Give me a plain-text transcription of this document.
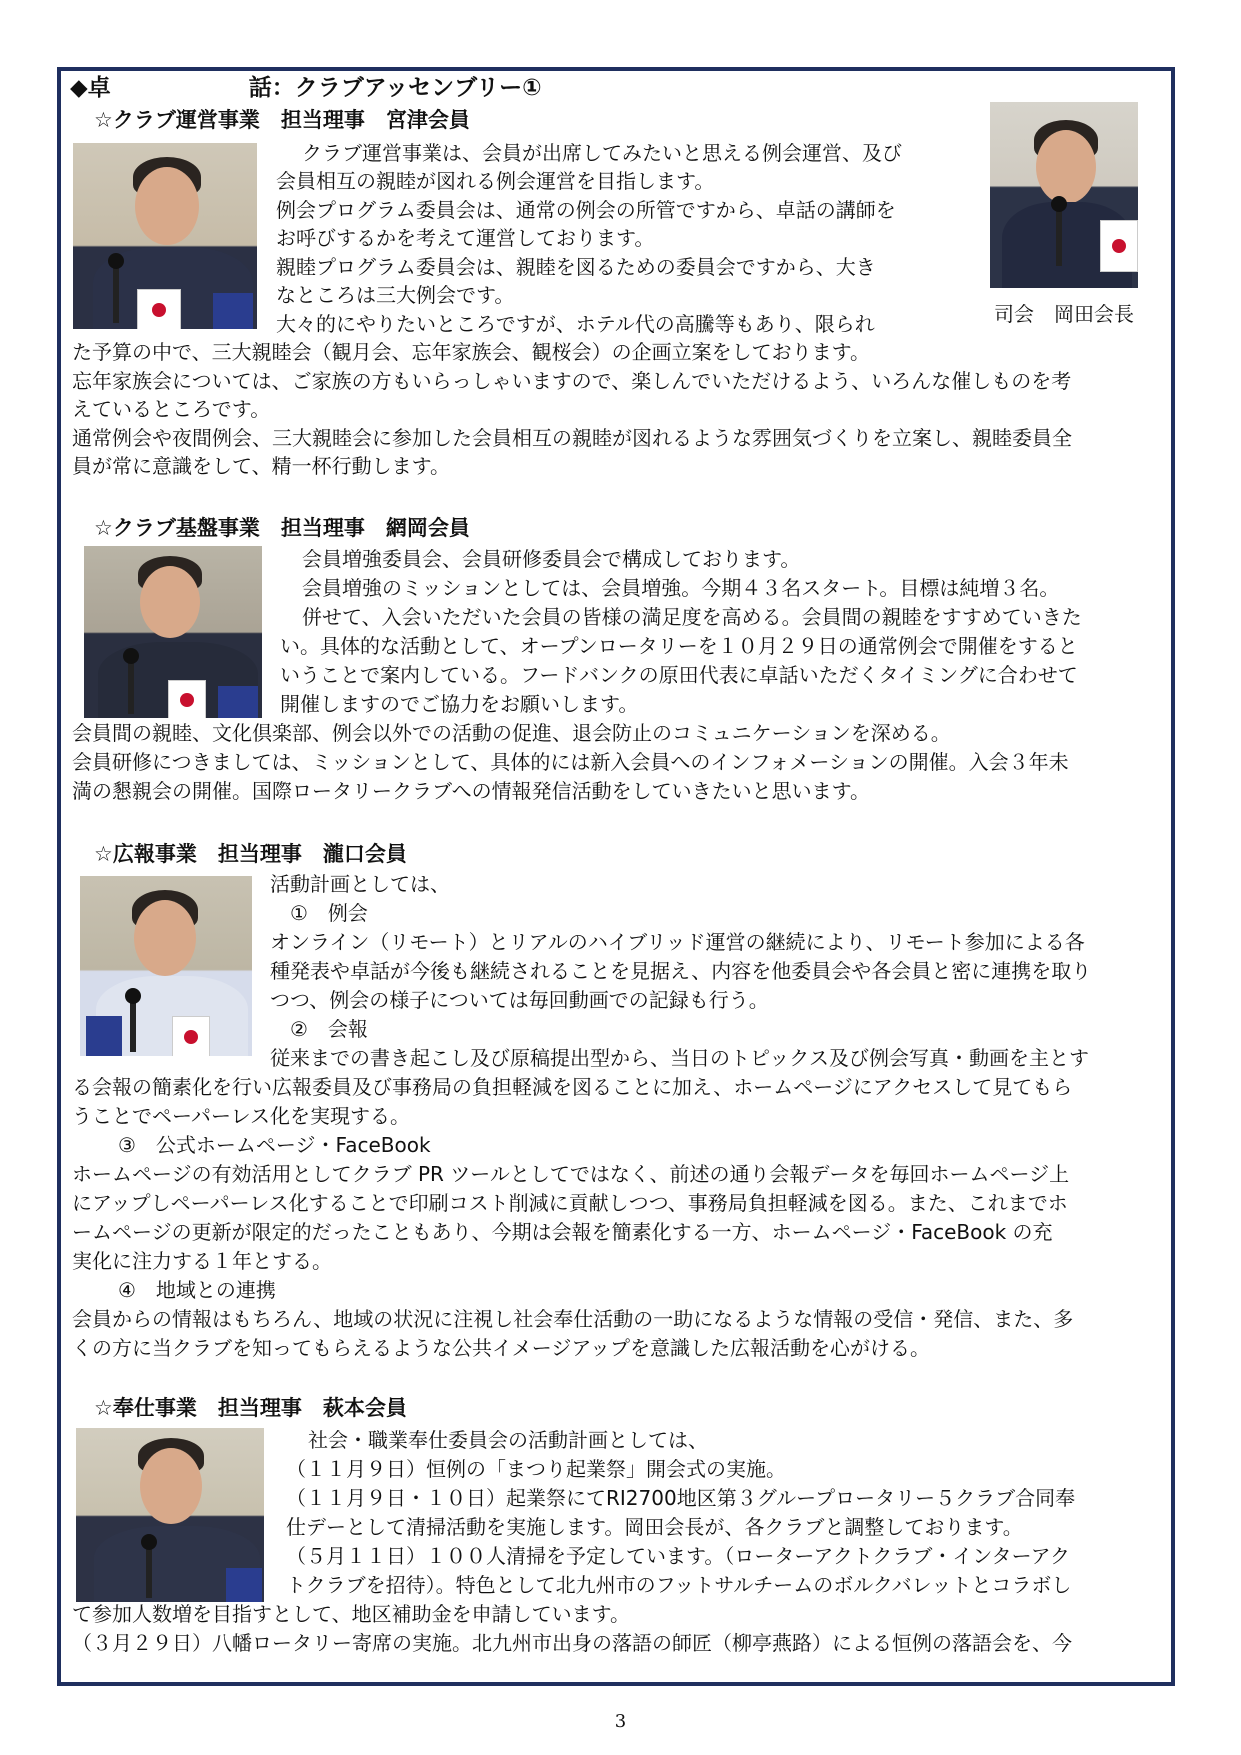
◆卓　　　　　　話：クラブアッセンブリー①
司会　岡田会長
☆クラブ運営事業　担当理事　宮津会員
クラブ運営事業は、会員が出席してみたいと思える例会運営、及び
会員相互の親睦が図れる例会運営を目指します。
例会プログラム委員会は、通常の例会の所管ですから、卓話の講師を
お呼びするかを考えて運営しております。
親睦プログラム委員会は、親睦を図るための委員会ですから、大き
なところは三大例会です。
大々的にやりたいところですが、ホテル代の高騰等もあり、限られ
た予算の中で、三大親睦会（観月会、忘年家族会、観桜会）の企画立案をしております。
忘年家族会については、ご家族の方もいらっしゃいますので、楽しんでいただけるよう、いろんな催しものを考
えているところです。
通常例会や夜間例会、三大親睦会に参加した会員相互の親睦が図れるような雰囲気づくりを立案し、親睦委員全
員が常に意識をして、精一杯行動します。
☆クラブ基盤事業　担当理事　網岡会員
会員増強委員会、会員研修委員会で構成しております。
会員増強のミッションとしては、会員増強。今期４３名スタート。目標は純増３名。
併せて、入会いただいた会員の皆様の満足度を高める。会員間の親睦をすすめていきた
い。具体的な活動として、オープンロータリーを１０月２９日の通常例会で開催をすると
いうことで案内している。フードバンクの原田代表に卓話いただくタイミングに合わせて
開催しますのでご協力をお願いします。
会員間の親睦、文化倶楽部、例会以外での活動の促進、退会防止のコミュニケーションを深める。
会員研修につきましては、ミッションとして、具体的には新入会員へのインフォメーションの開催。入会３年未
満の懇親会の開催。国際ロータリークラブへの情報発信活動をしていきたいと思います。
☆広報事業　担当理事　瀧口会員
活動計画としては、
①　例会
オンライン（リモート）とリアルのハイブリッド運営の継続により、リモート参加による各
種発表や卓話が今後も継続されることを見据え、内容を他委員会や各会員と密に連携を取り
つつ、例会の様子については毎回動画での記録も行う。
②　会報
従来までの書き起こし及び原稿提出型から、当日のトピックス及び例会写真・動画を主とす
る会報の簡素化を行い広報委員及び事務局の負担軽減を図ることに加え、ホームページにアクセスして見てもら
うことでペーパーレス化を実現する。
③　公式ホームページ・FaceBook
ホームページの有効活用としてクラブ PR ツールとしてではなく、前述の通り会報データを毎回ホームページ上
にアップしペーパーレス化することで印刷コスト削減に貢献しつつ、事務局負担軽減を図る。また、これまでホ
ームページの更新が限定的だったこともあり、今期は会報を簡素化する一方、ホームページ・FaceBook の充
実化に注力する１年とする。
④　地域との連携
会員からの情報はもちろん、地域の状況に注視し社会奉仕活動の一助になるような情報の受信・発信、また、多
くの方に当クラブを知ってもらえるような公共イメージアップを意識した広報活動を心がける。
☆奉仕事業　担当理事　萩本会員
社会・職業奉仕委員会の活動計画としては、
（１１月９日）恒例の「まつり起業祭」開会式の実施。
（１１月９日・１０日）起業祭にてRI2700地区第３グループロータリー５クラブ合同奉
仕デーとして清掃活動を実施します。岡田会長が、各クラブと調整しております。
（５月１１日）１００人清掃を予定しています。（ローターアクトクラブ・インターアク
トクラブを招待）。特色として北九州市のフットサルチームのボルクバレットとコラボし
て参加人数増を目指すとして、地区補助金を申請しています。
（３月２９日）八幡ロータリー寄席の実施。北九州市出身の落語の師匠（柳亭燕路）による恒例の落語会を、今
3
